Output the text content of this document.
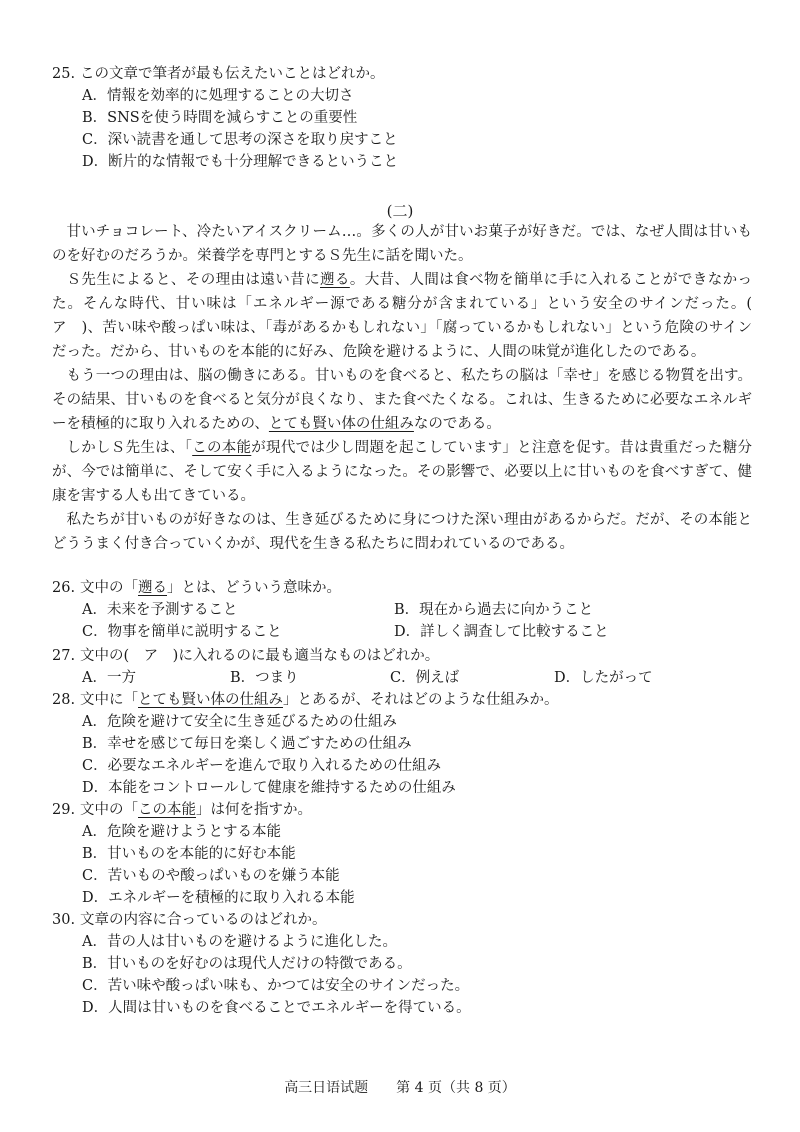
25. この文章で筆者が最も伝えたいことはどれか。
A．情報を効率的に処理することの大切さ
B．SNSを使う時間を減らすことの重要性
C．深い読書を通して思考の深さを取り戻すこと
D．断片的な情報でも十分理解できるということ
(二)

甘いチョコレート、冷たいアイスクリーム…。多くの人が甘いお菓子が好きだ。では、なぜ人間は甘いものを好むのだろうか。栄養学を専門とするＳ先生に話を聞いた。

Ｓ先生によると、その理由は遠い昔に遡る。大昔、人間は食べ物を簡単に手に入れることができなかった。そんな時代、甘い味は「エネルギー源である糖分が含まれている」という安全のサインだった。(　ア　)、苦い味や酸っぱい味は、「毒があるかもしれない」「腐っているかもしれない」という危険のサインだった。だから、甘いものを本能的に好み、危険を避けるように、人間の味覚が進化したのである。

もう一つの理由は、脳の働きにある。甘いものを食べると、私たちの脳は「幸せ」を感じる物質を出す。その結果、甘いものを食べると気分が良くなり、また食べたくなる。これは、生きるために必要なエネルギーを積極的に取り入れるための、とても賢い体の仕組みなのである。

しかしＳ先生は、「この本能が現代では少し問題を起こしています」と注意を促す。昔は貴重だった糖分が、今では簡単に、そして安く手に入るようになった。その影響で、必要以上に甘いものを食べすぎて、健康を害する人も出てきている。

私たちが甘いものが好きなのは、生き延びるために身につけた深い理由があるからだ。だが、その本能とどううまく付き合っていくかが、現代を生きる私たちに問われているのである。

26. 文中の「遡る」とは、どういう意味か。
A．未来を予測すること	B．現在から過去に向かうこと
C．物事を簡単に説明すること	D．詳しく調査して比較すること
27. 文中の(　ア　)に入れるのに最も適当なものはどれか。
A．一方	B．つまり	C．例えば	D．したがって
28. 文中に「とても賢い体の仕組み」とあるが、それはどのような仕組みか。
A．危険を避けて安全に生き延びるための仕組み
B．幸せを感じて毎日を楽しく過ごすための仕組み
C．必要なエネルギーを進んで取り入れるための仕組み
D．本能をコントロールして健康を維持するための仕組み
29. 文中の「この本能」は何を指すか。
A．危険を避けようとする本能
B．甘いものを本能的に好む本能
C．苦いものや酸っぱいものを嫌う本能
D．エネルギーを積極的に取り入れる本能
30. 文章の内容に合っているのはどれか。
A．昔の人は甘いものを避けるように進化した。
B．甘いものを好むのは現代人だけの特徴である。
C．苦い味や酸っぱい味も、かつては安全のサインだった。
D．人間は甘いものを食べることでエネルギーを得ている。
高三日语试题　　第 4 页（共 8 页）
